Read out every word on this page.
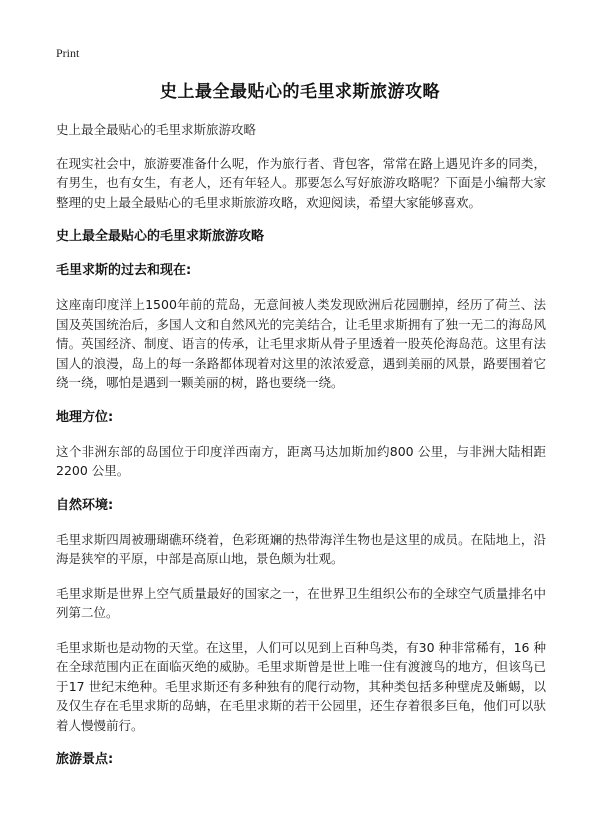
Print
史上最全最贴心的毛里求斯旅游攻略

史上最全最贴心的毛里求斯旅游攻略

在现实社会中，旅游要准备什么呢，作为旅行者、背包客，常常在路上遇见许多的同类，有男生，也有女生，有老人，还有年轻人。那要怎么写好旅游攻略呢？下面是小编帮大家整理的史上最全最贴心的毛里求斯旅游攻略，欢迎阅读，希望大家能够喜欢。

史上最全最贴心的毛里求斯旅游攻略
毛里求斯的过去和现在:

这座南印度洋上1500年前的荒岛，无意间被人类发现欧洲后花园删掉，经历了荷兰、法国及英国统治后，多国人文和自然风光的完美结合，让毛里求斯拥有了独一无二的海岛风情。英国经济、制度、语言的传承，让毛里求斯从骨子里透着一股英伦海岛范。这里有法国人的浪漫，岛上的每一条路都体现着对这里的浓浓爱意，遇到美丽的风景，路要围着它绕一绕，哪怕是遇到一颗美丽的树，路也要绕一绕。

地理方位:

这个非洲东部的岛国位于印度洋西南方，距离马达加斯加约800 公里，与非洲大陆相距2200 公里。

自然环境:

毛里求斯四周被珊瑚礁环绕着，色彩斑斓的热带海洋生物也是这里的成员。在陆地上，沿海是狭窄的平原，中部是高原山地，景色颇为壮观。

毛里求斯是世界上空气质量最好的国家之一，在世界卫生组织公布的全球空气质量排名中列第二位。

毛里求斯也是动物的天堂。在这里，人们可以见到上百种鸟类，有30 种非常稀有，16 种在全球范围内正在面临灭绝的威胁。毛里求斯曾是世上唯一住有渡渡鸟的地方，但该鸟已于17 世纪末绝种。毛里求斯还有多种独有的爬行动物，其种类包括多种壁虎及蜥蜴，以及仅生存在毛里求斯的岛蚺，在毛里求斯的若干公园里，还生存着很多巨龟，他们可以驮着人慢慢前行。

旅游景点:
